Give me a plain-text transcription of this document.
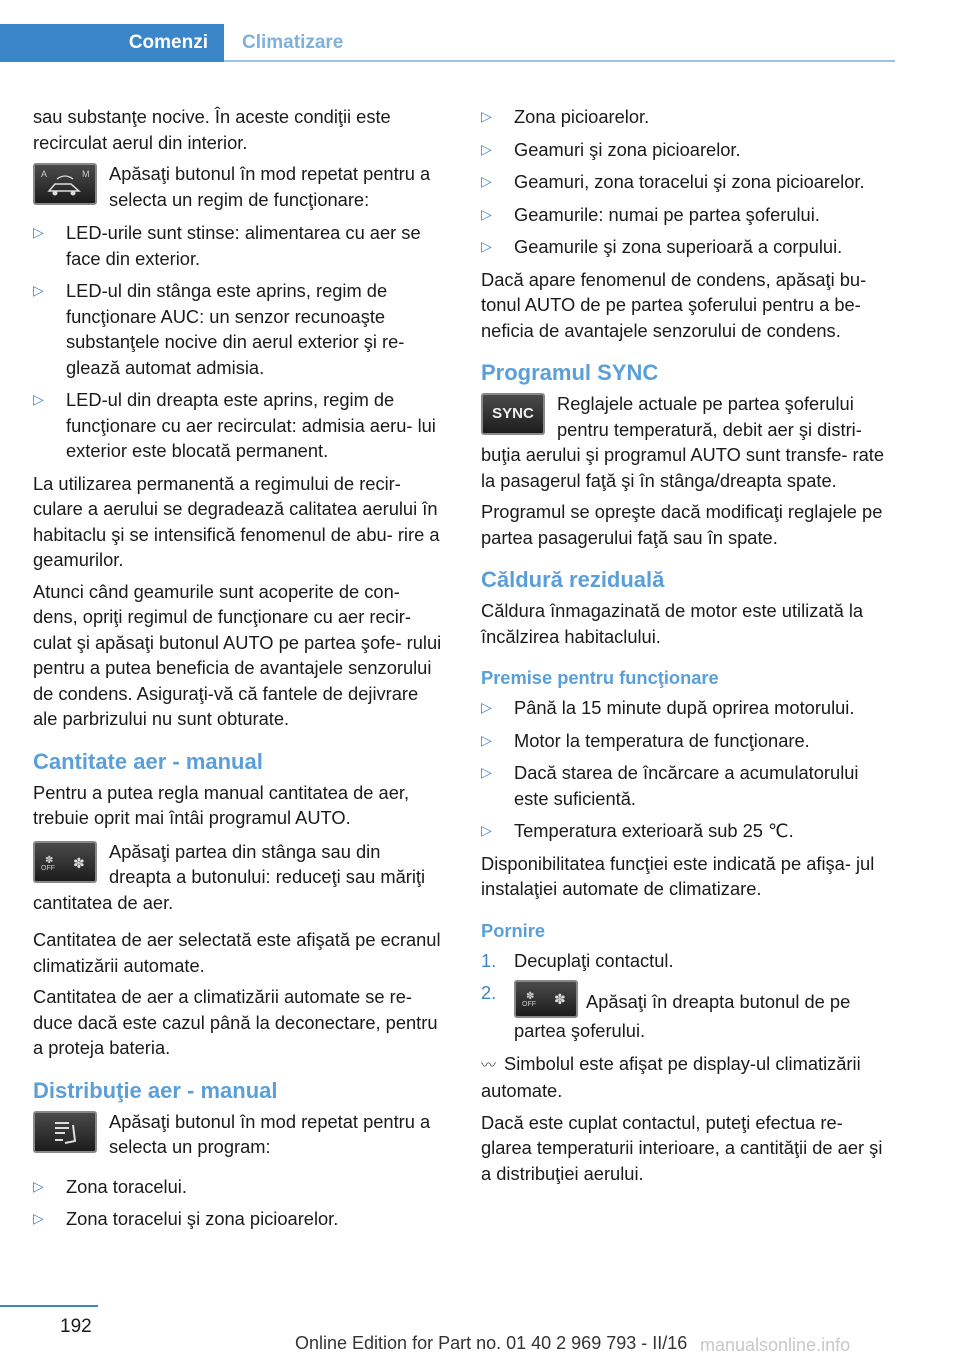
Comenzi	Climatizare

sau substanţe nocive. În aceste condiţii este recirculat aerul din interior.

A	M Apăsaţi butonul în mod repetat pentru a selecta un regim de funcţionare:
▷ LED-urile sunt stinse: alimentarea cu aer se face din exterior.
▷ LED-ul din stânga este aprins, regim de funcţionare AUC: un senzor recunoaşte substanţele nocive din aerul exterior şi re‐ glează automat admisia.
▷ LED-ul din dreapta este aprins, regim de funcţionare cu aer recirculat: admisia aeru‐ lui exterior este blocată permanent.

La utilizarea permanentă a regimului de recir‐ culare a aerului se degradează calitatea aerului în habitaclu şi se intensifică fenomenul de abu‐ rire a geamurilor.

Atunci când geamurile sunt acoperite de con‐ dens, opriţi regimul de funcţionare cu aer recir‐ culat şi apăsaţi butonul AUTO pe partea şofe‐ rului pentru a putea beneficia de avantajele senzorului de condens. Asiguraţi-vă că fantele de dejivrare ale parbrizului nu sunt obturate.

Cantitate aer - manual

Pentru a putea regla manual cantitatea de aer, trebuie oprit mai întâi programul AUTO.

OFF
✽ ✽
Apăsaţi partea din stânga sau din dreapta a butonului: reduceţi sau măriţi cantitatea de aer.

Cantitatea de aer selectată este afişată pe ecranul climatizării automate.

Cantitatea de aer a climatizării automate se re‐ duce dacă este cazul până la deconectare, pentru a proteja bateria.

Distribuţie aer - manual
Apăsaţi butonul în mod repetat pentru a selecta un program:
▷ Zona toracelui.
▷ Zona toracelui şi zona picioarelor.
▷ Zona picioarelor.
▷ Geamuri şi zona picioarelor.
▷ Geamuri, zona toracelui şi zona picioarelor.
▷ Geamurile: numai pe partea şoferului.
▷ Geamurile şi zona superioară a corpului.

Dacă apare fenomenul de condens, apăsaţi bu‐ tonul AUTO de pe partea şoferului pentru a be‐ neficia de avantajele senzorului de condens.

Programul SYNC
SYNC Reglajele actuale pe partea şoferului pentru temperatură, debit aer şi distri‐ buţia aerului şi programul AUTO sunt transfe‐ rate la pasagerul faţă şi în stânga/dreapta spate.

Programul se opreşte dacă modificaţi reglajele pe partea pasagerului faţă sau în spate.

Căldură reziduală

Căldura înmagazinată de motor este utilizată la încălzirea habitaclului.

Premise pentru funcţionare
▷ Până la 15 minute după oprirea motorului.
▷ Motor la temperatura de funcţionare.
▷ Dacă starea de încărcare a acumulatorului este suficientă.
▷ Temperatura exterioară sub 25 ℃.

Disponibilitatea funcţiei este indicată pe afişa‐ jul instalaţiei automate de climatizare.

Pornire
1. Decuplaţi contactul.
2.
OFF
✽ ✽ Apăsaţi în dreapta butonul de pe partea şoferului.

〰 Simbolul este afişat pe display-ul climatizării automate.

Dacă este cuplat contactul, puteţi efectua re‐ glarea temperaturii interioare, a cantităţii de aer şi a distribuţiei aerului.

192
Online Edition for Part no. 01 40 2 969 793 - II/16 manualsonline.info
